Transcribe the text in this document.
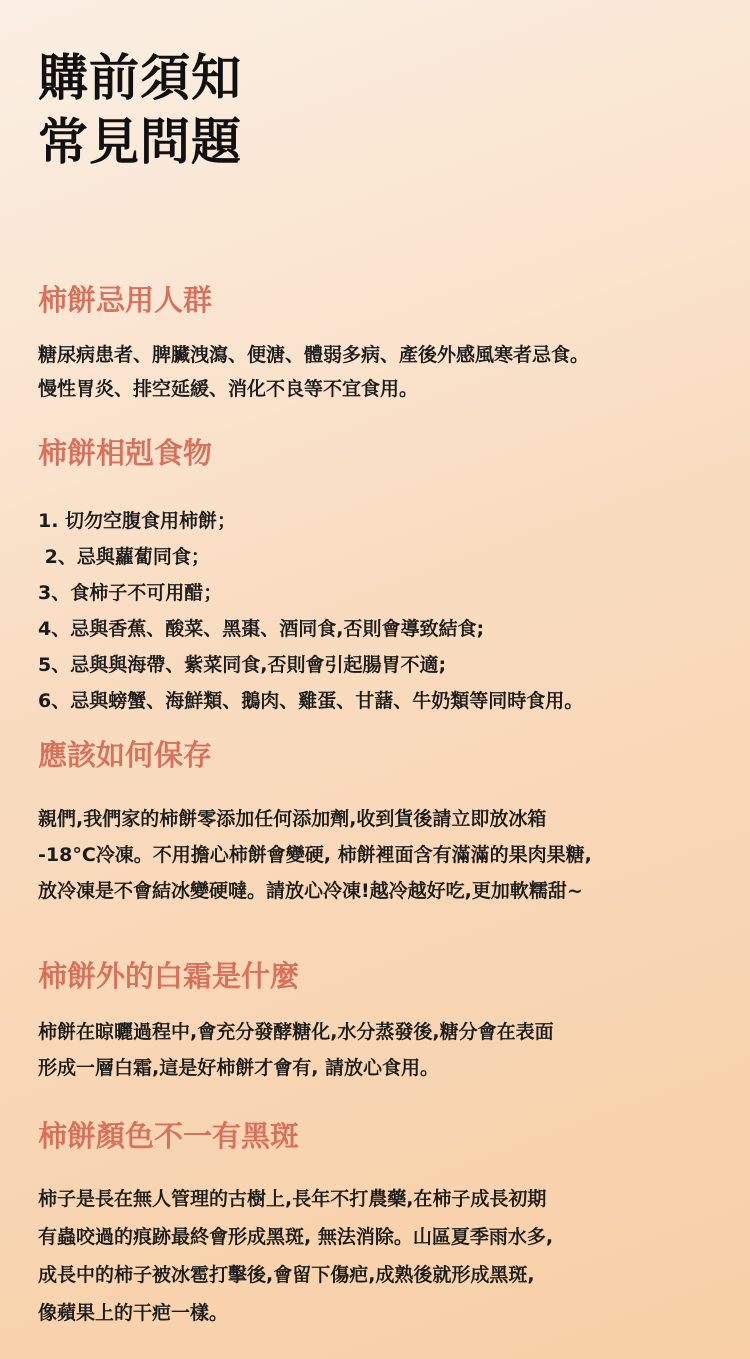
購前須知
常見問題
柿餅忌用人群
糖尿病患者、脾臟洩瀉、便溏、體弱多病、產後外感風寒者忌食。
慢性胃炎、排空延緩、消化不良等不宜食用。
柿餅相剋食物
1. 切勿空腹食用柿餅；
2、忌與蘿蔔同食；
3、食柿子不可用醋；
4、忌與香蕉、酸菜、黑棗、酒同食,否則會導致結食;
5、忌與與海帶、紫菜同食,否則會引起腸胃不適;
6、忌與螃蟹、海鮮類、鵝肉、雞蛋、甘藷、牛奶類等同時食用。
應該如何保存
親們,我們家的柿餅零添加任何添加劑,收到貨後請立即放冰箱
-18°C冷凍。不用擔心柿餅會變硬, 柿餅裡面含有滿滿的果肉果糖,
放冷凍是不會結冰變硬噠。請放心冷凍!越冷越好吃,更加軟糯甜~
柿餅外的白霜是什麼
柿餅在晾曬過程中,會充分發酵糖化,水分蒸發後,糖分會在表面
形成一層白霜,這是好柿餅才會有, 請放心食用。
柿餅顏色不一有黑斑
柿子是長在無人管理的古樹上,長年不打農藥,在柿子成長初期
有蟲咬過的痕跡最終會形成黑斑, 無法消除。山區夏季雨水多,
成長中的柿子被冰雹打擊後,會留下傷疤,成熟後就形成黑斑,
像蘋果上的干疤一樣。
